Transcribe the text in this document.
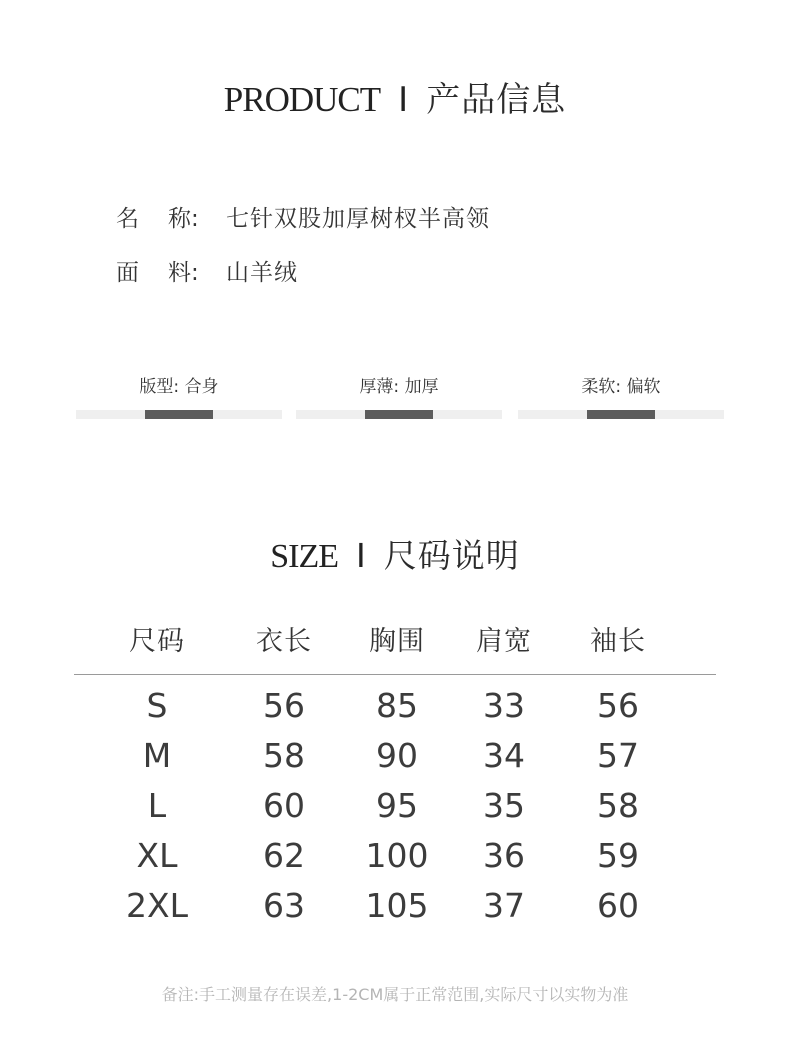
PRODUCT I 产品信息
名 称: 七针双股加厚树杈半高领
面 料: 山羊绒
版型: 合身	厚薄: 加厚	柔软: 偏软
SIZE I 尺码说明
尺码	衣长	胸围	肩宽	袖长
S	56	85	33	56
M	58	90	34	57
L	60	95	35	58
XL	62	100	36	59
2XL	63	105	37	60
备注:手工测量存在误差,1-2CM属于正常范围,实际尺寸以实物为准
